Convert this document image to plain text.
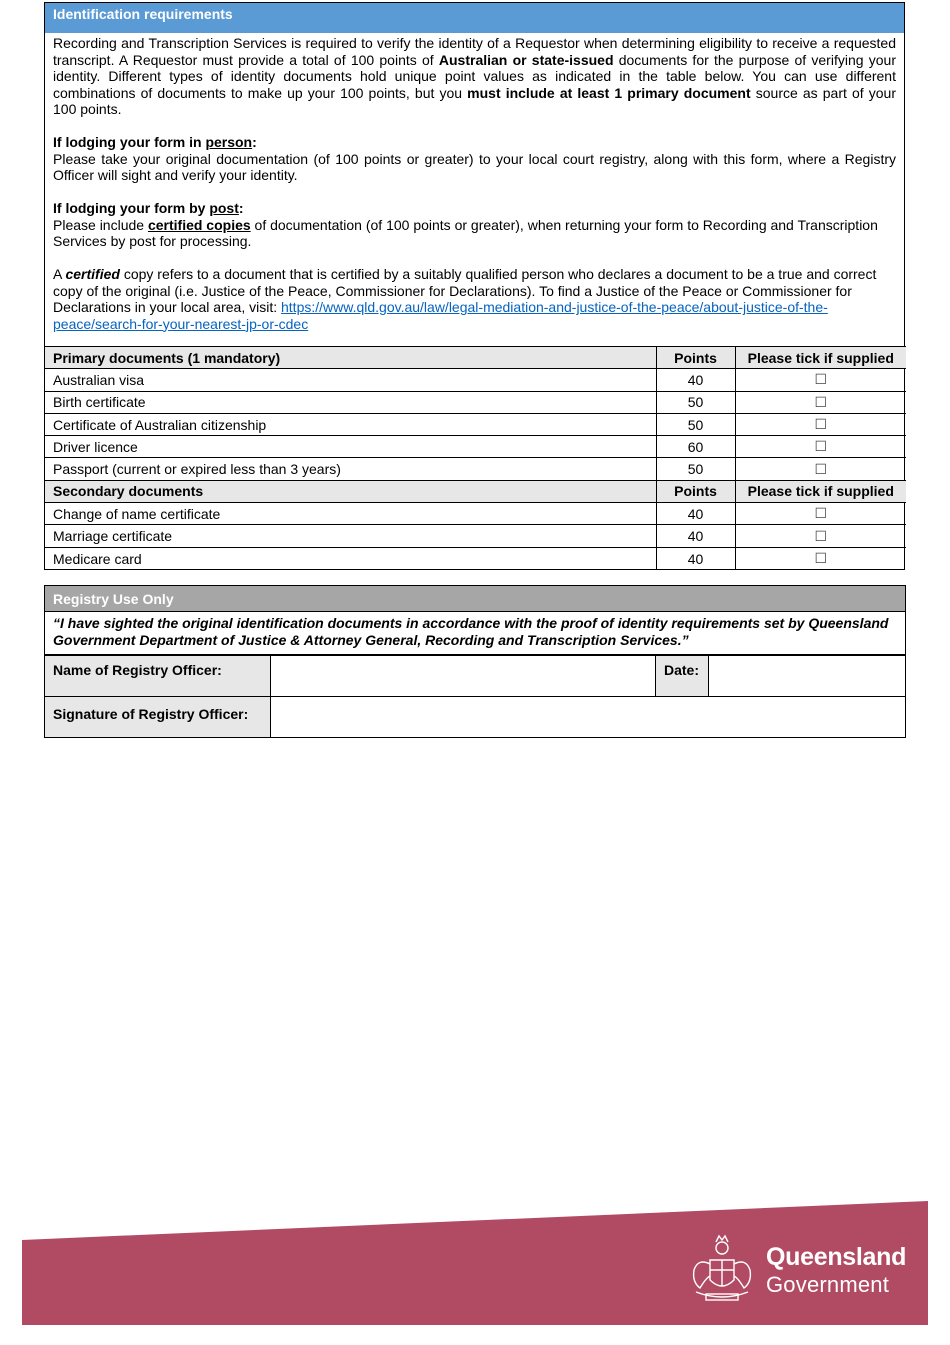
Identification requirements

Recording and Transcription Services is required to verify the identity of a Requestor when determining eligibility to receive a requested transcript. A Requestor must provide a total of 100 points of Australian or state-issued documents for the purpose of verifying your identity. Different types of identity documents hold unique point values as indicated in the table below. You can use different combinations of documents to make up your 100 points, but you must include at least 1 primary document source as part of your 100 points.

If lodging your form in person:

Please take your original documentation (of 100 points or greater) to your local court registry, along with this form, where a Registry Officer will sight and verify your identity.

If lodging your form by post:
Please include certified copies of documentation (of 100 points or greater), when returning your form to Recording and Transcription Services by post for processing.

A certified copy refers to a document that is certified by a suitably qualified person who declares a document to be a true and correct copy of the original (i.e. Justice of the Peace, Commissioner for Declarations). To find a Justice of the Peace or Commissioner for Declarations in your local area, visit: https://www.qld.gov.au/law/legal-mediation-and-justice-of-the-peace/about-justice-of-the-peace/search-for-your-nearest-jp-or-cdec

Primary documents (1 mandatory)	Points	Please tick if supplied
Australian visa	40	☐
Birth certificate	50	☐
Certificate of Australian citizenship	50	☐
Driver licence	60	☐
Passport (current or expired less than 3 years)	50	☐
Secondary documents	Points	Please tick if supplied
Change of name certificate	40	☐
Marriage certificate	40	☐
Medicare card	40	☐
Registry Use Only
“I have sighted the original identification documents in accordance with the proof of identity requirements set by Queensland Government Department of Justice & Attorney General, Recording and Transcription Services.”
Name of Registry Officer:		Date:	
Signature of Registry Officer:			
Queensland
Government
